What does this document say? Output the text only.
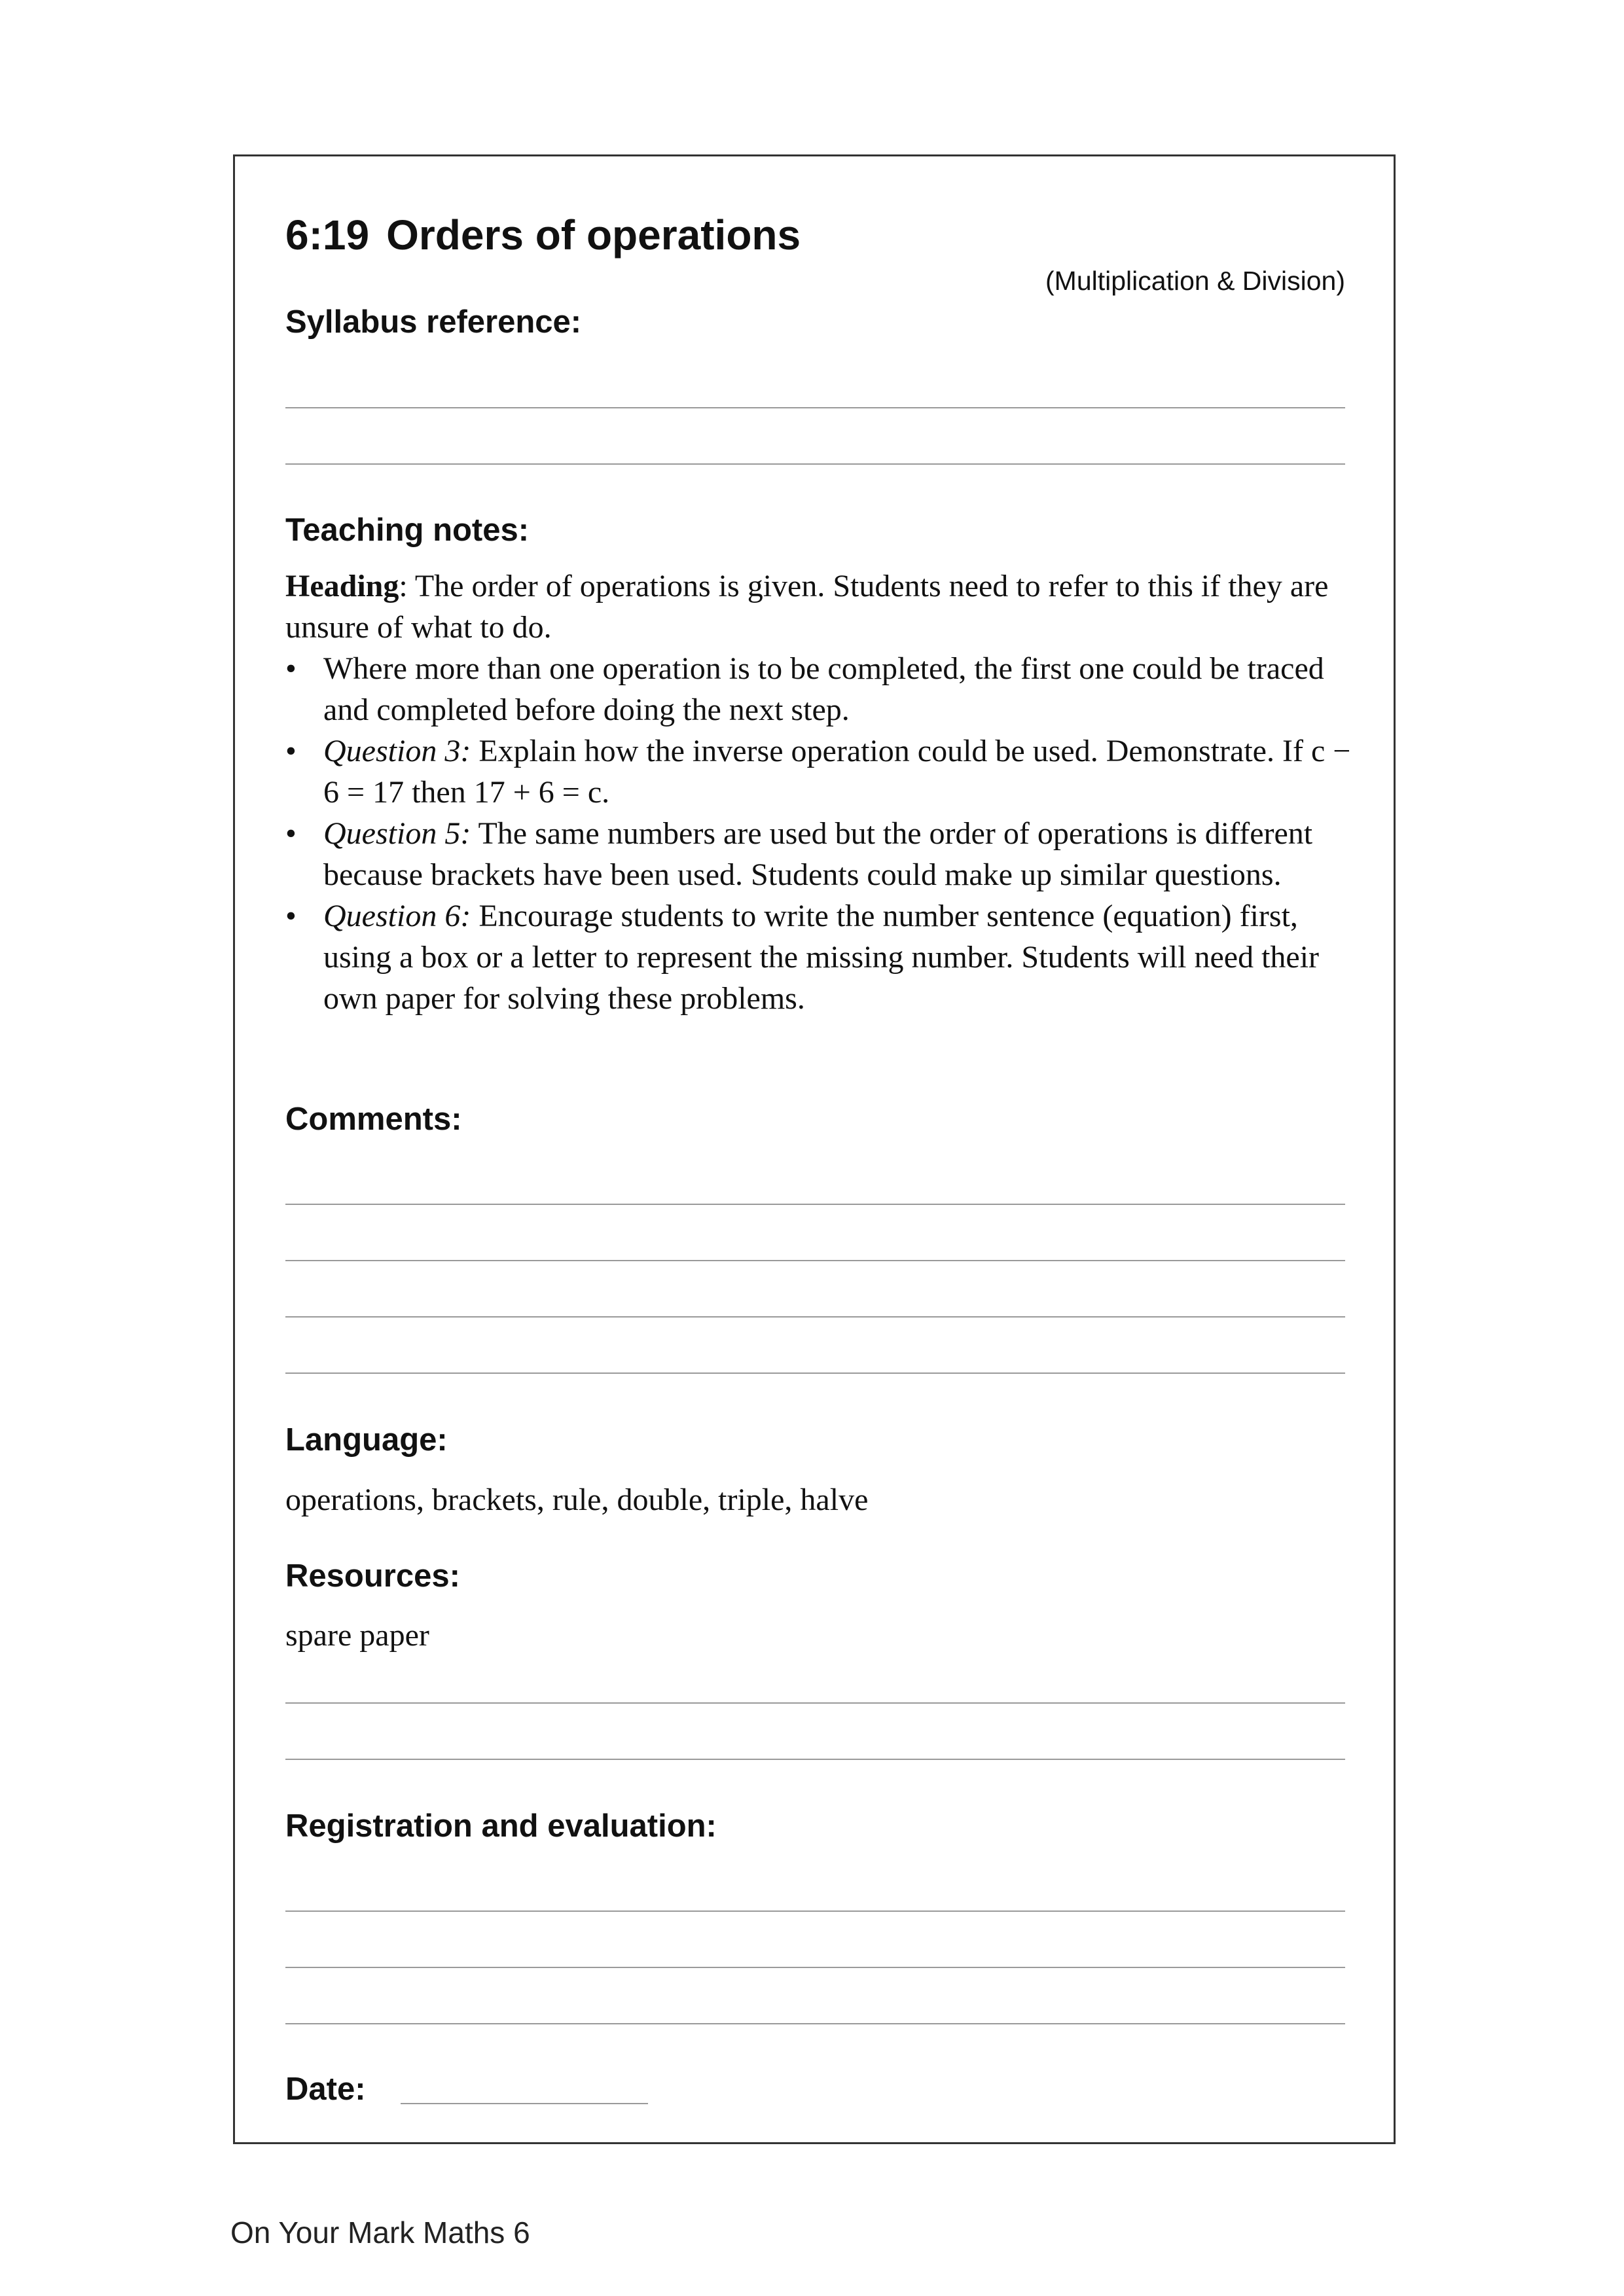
6:19 Orders of operations
(Multiplication & Division)
Syllabus reference:
Teaching notes:

Heading: The order of operations is given. Students need to refer to this if they are unsure of what to do.

• Where more than one operation is to be completed, the first one could be traced and completed before doing the next step.
• Question 3: Explain how the inverse operation could be used. Demonstrate. If c − 6 = 17 then 17 + 6 = c.
• Question 5: The same numbers are used but the order of operations is different because brackets have been used. Students could make up similar questions.
• Question 6: Encourage students to write the number sentence (equation) first, using a box or a letter to represent the missing number. Students will need their own paper for solving these problems.
Comments:
Language:
operations, brackets, rule, double, triple, halve
Resources:
spare paper
Registration and evaluation:
Date:
On Your Mark Maths 6
